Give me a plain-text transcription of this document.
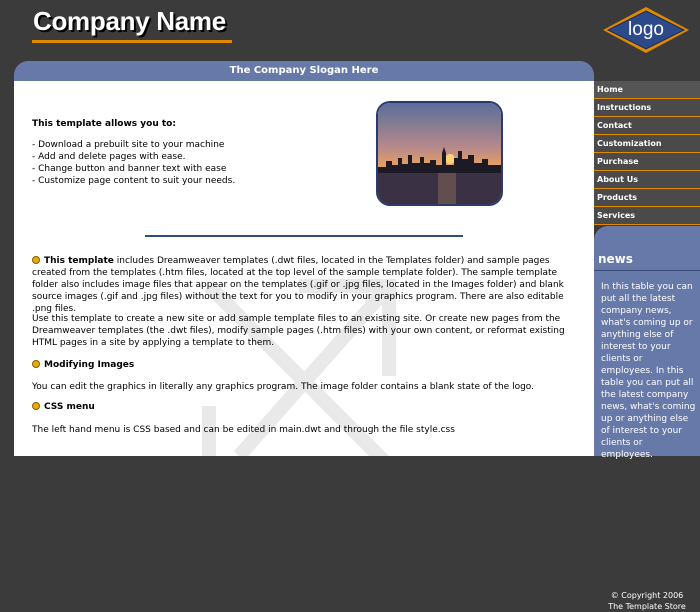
Company Name	logo
The Company Slogan Here
This template allows you to:
- Download a prebuilt site to your machine
- Add and delete pages with ease.
- Change button and banner text with ease
- Customize page content to suit your needs.
This template includes Dreamweaver templates (.dwt files, located in the Templates folder) and sample pages created from the templates (.htm files, located at the top level of the sample template folder). The sample template folder also includes image files that appear on the templates (.gif or .jpg files, located in the Images folder) and blank source images (.gif and .jpg files) without the text for you to modify in your graphics program. There are also editable .png files.
Use this template to create a new site or add sample template files to an existing site. Or create new pages from the Dreamweaver templates (the .dwt files), modify sample pages (.htm files) with your own content, or reformat existing HTML pages in a site by applying a template to them.
Modifying Images
You can edit the graphics in literally any graphics program. The image folder contains a blank state of the logo.
CSS menu
The left hand menu is CSS based and can be edited in main.dwt and through the file style.css
Home
Instructions
Contact
Customization
Purchase
About Us
Products
Services
news
In this table you can put all the latest company news, what's coming up or anything else of interest to your clients or employees. In this table you can put all the latest company news, what's coming up or anything else of interest to your clients or employees.
© Copyright 2006
The Template Store
